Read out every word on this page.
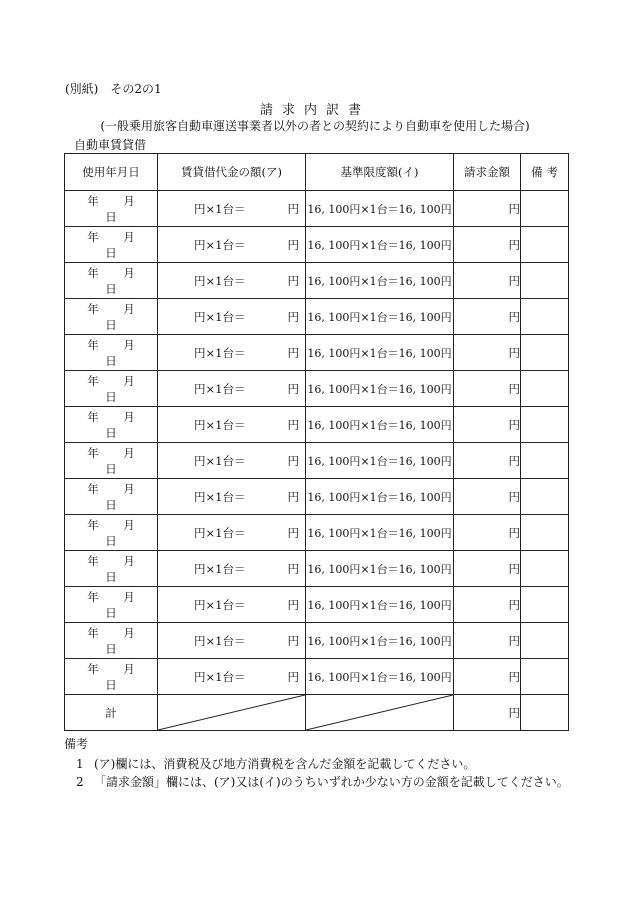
(別紙)　その2の1
請求内訳書
(一般乗用旅客自動車運送事業者以外の者との契約により自動車を使用した場合)
自動車賃貸借
使用年月日	賃貸借代金の額(ア)	基準限度額(イ)	請求金額	備 考
年 月日	円×1台＝ 円	16, 100円×1台＝16, 100円	円	
年 月日	円×1台＝ 円	16, 100円×1台＝16, 100円	円	
年 月日	円×1台＝ 円	16, 100円×1台＝16, 100円	円	
年 月日	円×1台＝ 円	16, 100円×1台＝16, 100円	円	
年 月日	円×1台＝ 円	16, 100円×1台＝16, 100円	円	
年 月日	円×1台＝ 円	16, 100円×1台＝16, 100円	円	
年 月日	円×1台＝ 円	16, 100円×1台＝16, 100円	円	
年 月日	円×1台＝ 円	16, 100円×1台＝16, 100円	円	
年 月日	円×1台＝ 円	16, 100円×1台＝16, 100円	円	
年 月日	円×1台＝ 円	16, 100円×1台＝16, 100円	円	
年 月日	円×1台＝ 円	16, 100円×1台＝16, 100円	円	
年 月日	円×1台＝ 円	16, 100円×1台＝16, 100円	円	
年 月日	円×1台＝ 円	16, 100円×1台＝16, 100円	円	
年 月日	円×1台＝ 円	16, 100円×1台＝16, 100円	円	
計			円	
備考
1 (ア)欄には、消費税及び地方消費税を含んだ金額を記載してください。
2 「請求金額」欄には、(ア)又は(イ)のうちいずれか少ない方の金額を記載してください。
